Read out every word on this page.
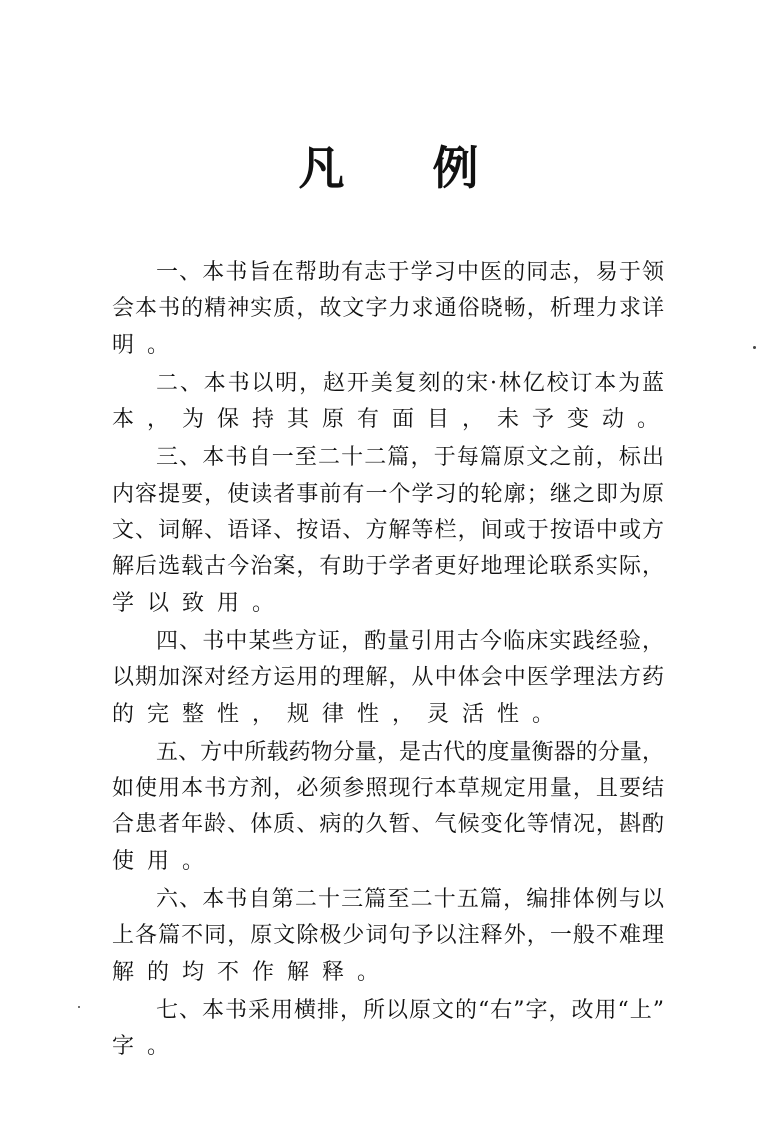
凡 例
一、本书旨在帮助有志于学习中医的同志，易于领
会本书的精神实质，故文字力求通俗晓畅，析理力求详
明。
二、本书以明，赵开美复刻的宋·林亿校订本为蓝
本，为保持其原有面目，未予变动。
三、本书自一至二十二篇，于每篇原文之前，标出
内容提要，使读者事前有一个学习的轮廓；继之即为原
文、词解、语译、按语、方解等栏，间或于按语中或方
解后选载古今治案，有助于学者更好地理论联系实际，
学以致用。
四、书中某些方证，酌量引用古今临床实践经验，
以期加深对经方运用的理解，从中体会中医学理法方药
的完整性，规律性，灵活性。
五、方中所载药物分量，是古代的度量衡器的分量，
如使用本书方剂，必须参照现行本草规定用量，且要结
合患者年龄、体质、病的久暂、气候变化等情况，斟酌
使用。
六、本书自第二十三篇至二十五篇，编排体例与以
上各篇不同，原文除极少词句予以注释外，一般不难理
解的均不作解释。
七、本书采用横排，所以原文的“右”字，改用“上”
字。
